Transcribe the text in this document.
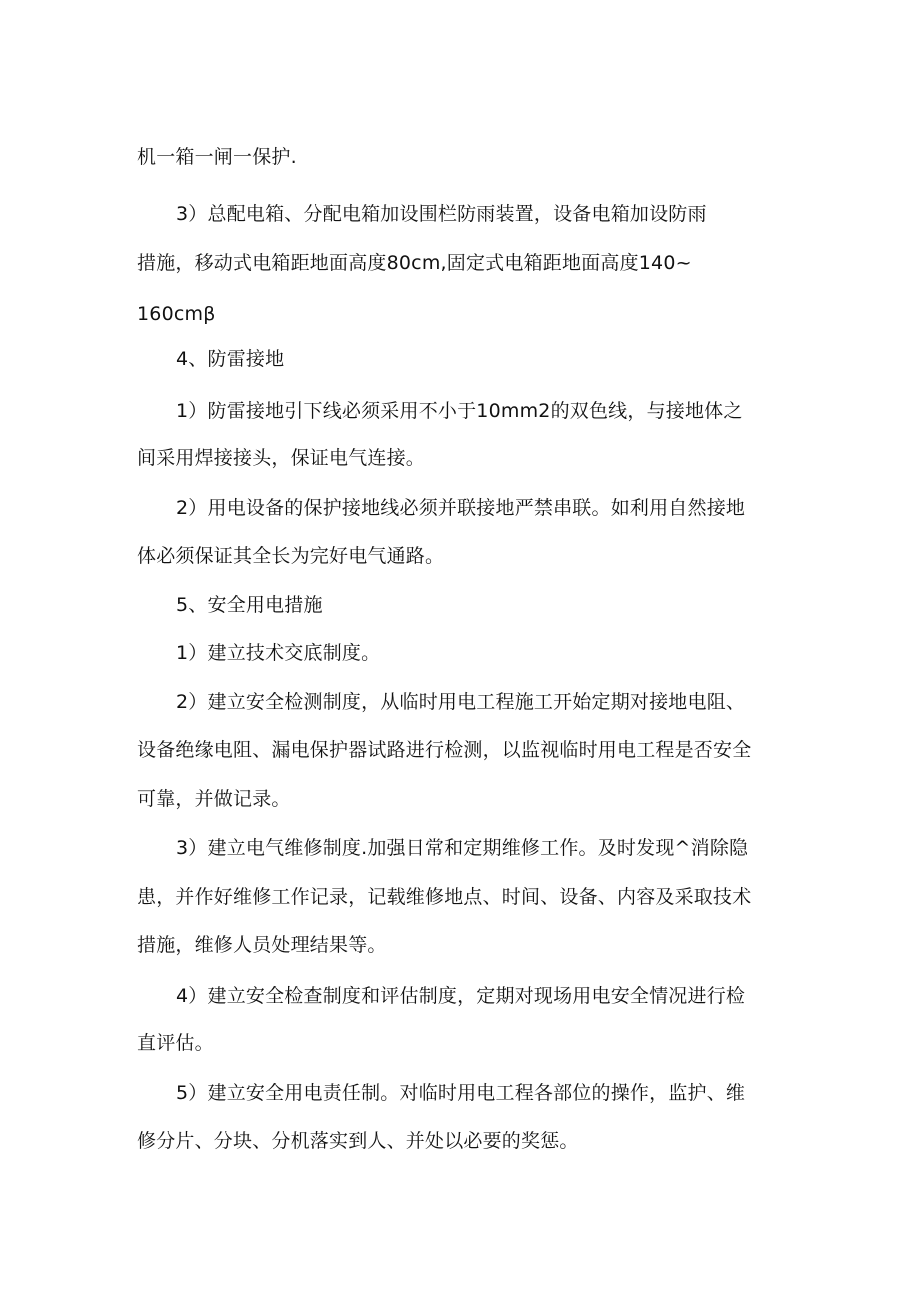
机一箱一闸一保护.
3）总配电箱、分配电箱加设围栏防雨装置，设备电箱加设防雨
措施，移动式电箱距地面高度80cm,固定式电箱距地面高度140~
160cmβ
4、防雷接地
1）防雷接地引下线必须采用不小于10mm2的双色线，与接地体之
间采用焊接接头，保证电气连接。
2）用电设备的保护接地线必须并联接地严禁串联。如利用自然接地
体必须保证其全长为完好电气通路。
5、安全用电措施
1）建立技术交底制度。
2）建立安全检测制度，从临时用电工程施工开始定期对接地电阻、
设备绝缘电阻、漏电保护器试路进行检测，以监视临时用电工程是否安全
可靠，并做记录。
3）建立电气维修制度.加强日常和定期维修工作。及时发现^消除隐
患，并作好维修工作记录，记载维修地点、时间、设备、内容及采取技术
措施，维修人员处理结果等。
4）建立安全检查制度和评估制度，定期对现场用电安全情况进行检
直评估。
5）建立安全用电责任制。对临时用电工程各部位的操作，监护、维
修分片、分块、分机落实到人、并处以必要的奖惩。
